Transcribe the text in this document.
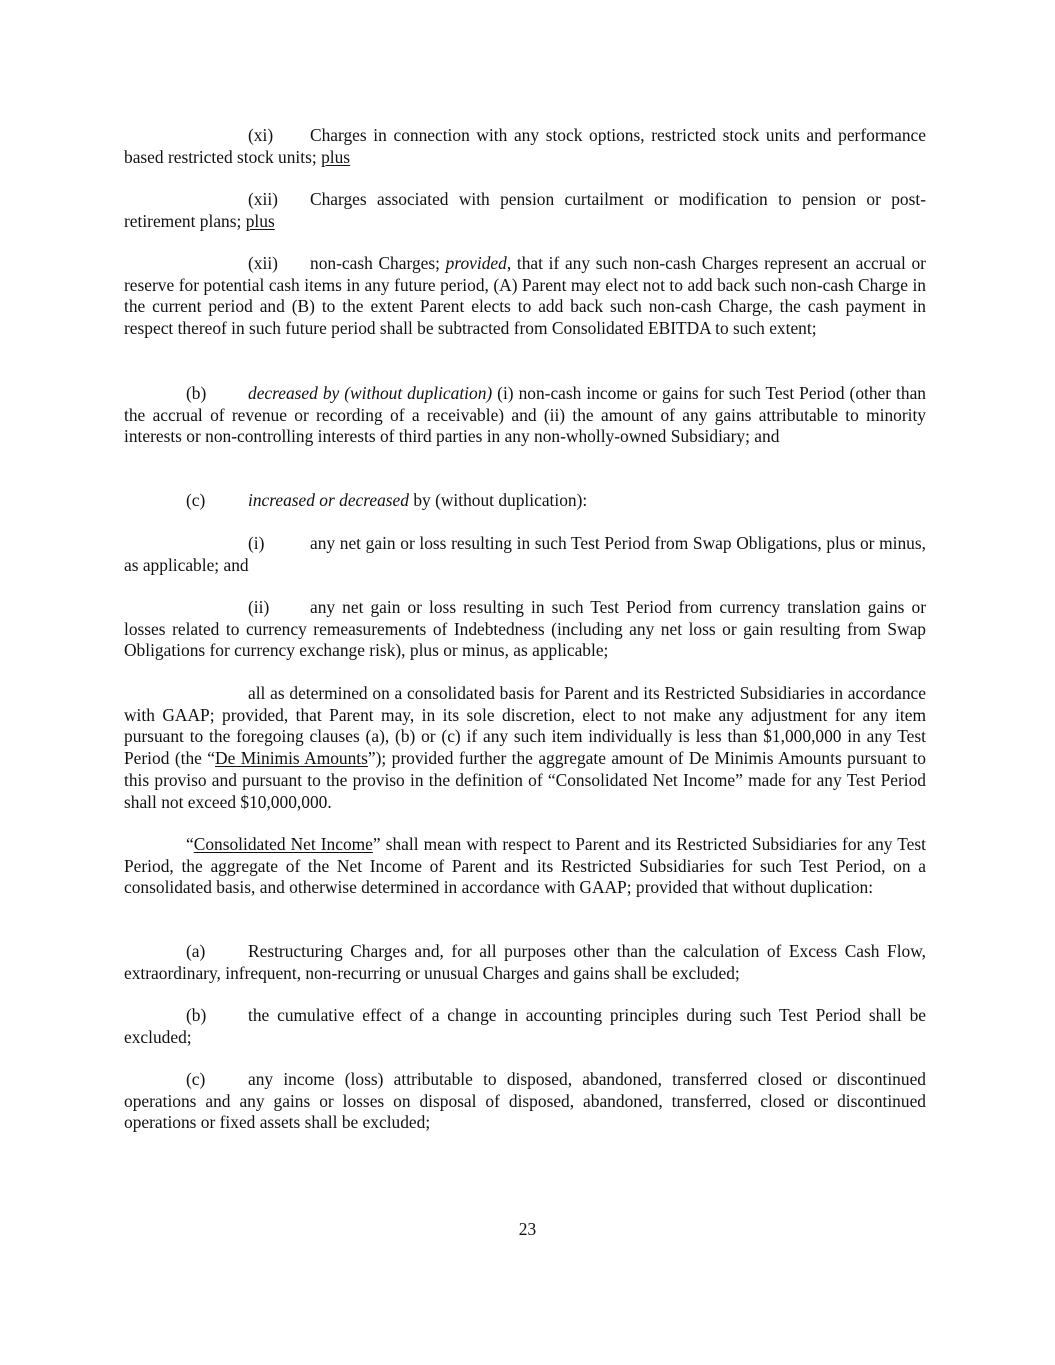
(xi) Charges in connection with any stock options, restricted stock units and performance based restricted stock units; plus

(xii) Charges associated with pension curtailment or modification to pension or post-retirement plans; plus

(xii) non-cash Charges; provided, that if any such non-cash Charges represent an accrual or reserve for potential cash items in any future period, (A) Parent may elect not to add back such non-cash Charge in the current period and (B) to the extent Parent elects to add back such non-cash Charge, the cash payment in respect thereof in such future period shall be subtracted from Consolidated EBITDA to such extent;

(b) decreased by (without duplication) (i) non-cash income or gains for such Test Period (other than the accrual of revenue or recording of a receivable) and (ii) the amount of any gains attributable to minority interests or non-controlling interests of third parties in any non-wholly-owned Subsidiary; and

(c) increased or decreased by (without duplication):

(i)	any net gain or loss resulting in such Test Period from Swap Obligations, plus or minus, as applicable; and

(ii) any net gain or loss resulting in such Test Period from currency translation gains or losses related to currency remeasurements of Indebtedness (including any net loss or gain resulting from Swap Obligations for currency exchange risk), plus or minus, as applicable;

all as determined on a consolidated basis for Parent and its Restricted Subsidiaries in accordance with GAAP; provided, that Parent may, in its sole discretion, elect to not make any adjustment for any item pursuant to the foregoing clauses (a), (b) or (c) if any such item individually is less than $1,000,000 in any Test Period (the “De Minimis Amounts”); provided further the aggregate amount of De Minimis Amounts pursuant to this proviso and pursuant to the proviso in the definition of “Consolidated Net Income” made for any Test Period shall not exceed $10,000,000.

“Consolidated Net Income” shall mean with respect to Parent and its Restricted Subsidiaries for any Test Period, the aggregate of the Net Income of Parent and its Restricted Subsidiaries for such Test Period, on a consolidated basis, and otherwise determined in accordance with GAAP; provided that without duplication:

(a) Restructuring Charges and, for all purposes other than the calculation of Excess Cash Flow, extraordinary, infrequent, non-recurring or unusual Charges and gains shall be excluded;

(b) the cumulative effect of a change in accounting principles during such Test Period shall be excluded;

(c) any income (loss) attributable to disposed, abandoned, transferred closed or discontinued operations and any gains or losses on disposal of disposed, abandoned, transferred, closed or discontinued operations or fixed assets shall be excluded;

23
